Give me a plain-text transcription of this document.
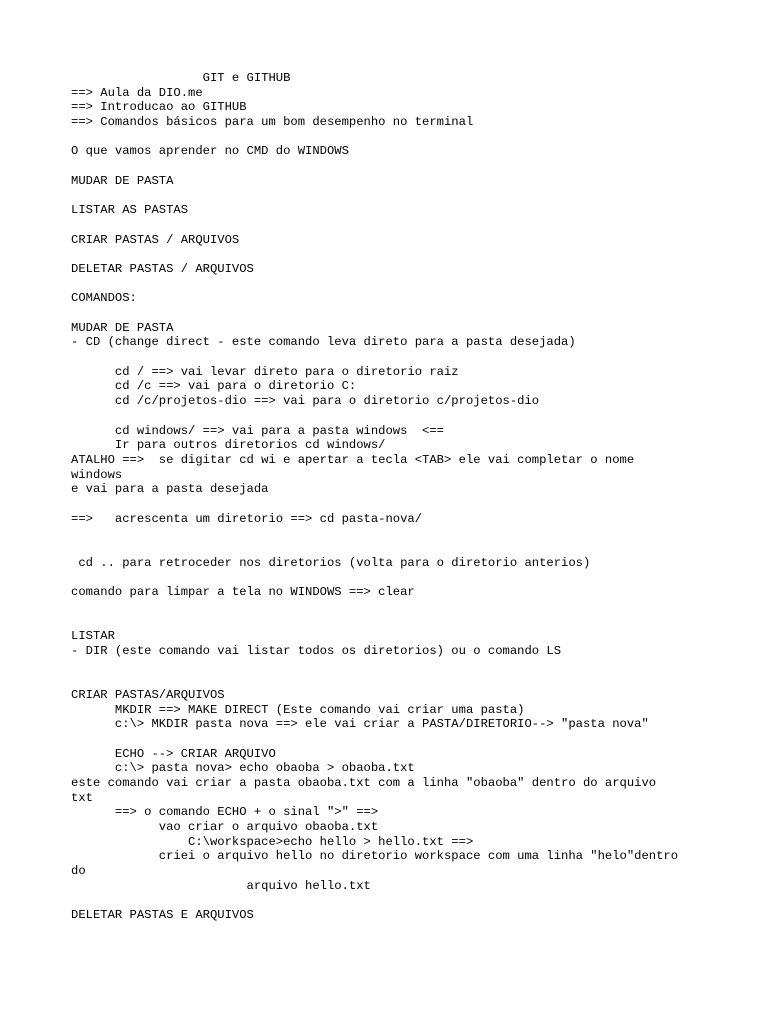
GIT e GITHUB
==> Aula da DIO.me
==> Introducao ao GITHUB
==> Comandos básicos para um bom desempenho no terminal
O que vamos aprender no CMD do WINDOWS
MUDAR DE PASTA
LISTAR AS PASTAS
CRIAR PASTAS / ARQUIVOS
DELETAR PASTAS / ARQUIVOS
COMANDOS:
MUDAR DE PASTA
- CD (change direct - este comando leva direto para a pasta desejada)
cd / ==> vai levar direto para o diretorio raiz
cd /c ==> vai para o diretorio C:
cd /c/projetos-dio ==> vai para o diretorio c/projetos-dio
cd windows/ ==> vai para a pasta windows  <==
Ir para outros diretorios cd windows/
ATALHO ==>  se digitar cd wi e apertar a tecla <TAB> ele vai completar o nome
windows
e vai para a pasta desejada
==>   acrescenta um diretorio ==> cd pasta-nova/
cd .. para retroceder nos diretorios (volta para o diretorio anterios)
comando para limpar a tela no WINDOWS ==> clear
LISTAR
- DIR (este comando vai listar todos os diretorios) ou o comando LS
CRIAR PASTAS/ARQUIVOS
MKDIR ==> MAKE DIRECT (Este comando vai criar uma pasta)
c:\> MKDIR pasta nova ==> ele vai criar a PASTA/DIRETORIO--> "pasta nova"
ECHO --> CRIAR ARQUIVO
c:\> pasta nova> echo obaoba > obaoba.txt
este comando vai criar a pasta obaoba.txt com a linha "obaoba" dentro do arquivo
txt
==> o comando ECHO + o sinal ">" ==>
vao criar o arquivo obaoba.txt
C:\workspace>echo hello > hello.txt ==>
criei o arquivo hello no diretorio workspace com uma linha "helo"dentro
do
arquivo hello.txt
DELETAR PASTAS E ARQUIVOS
